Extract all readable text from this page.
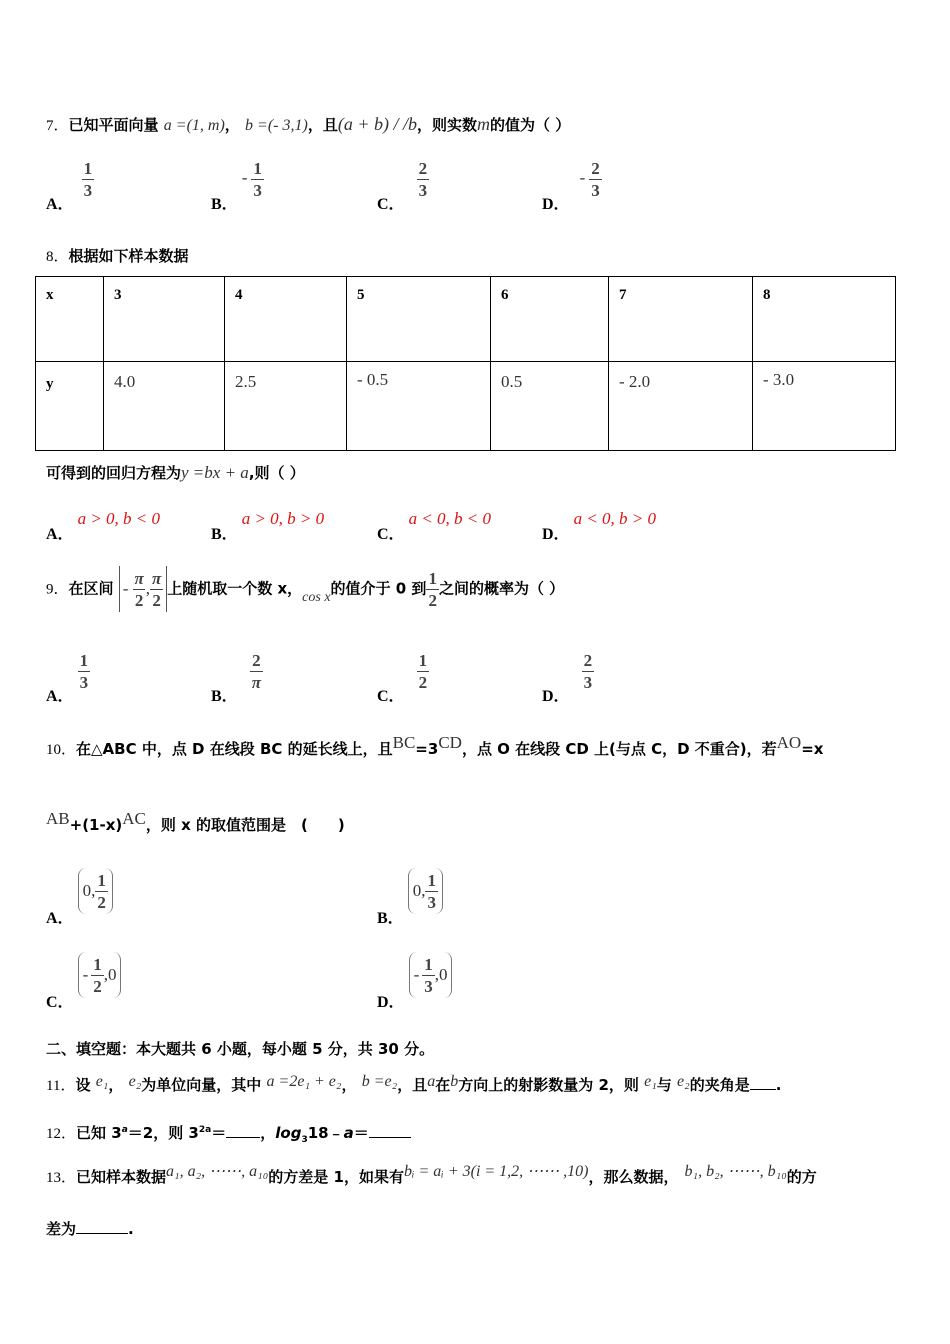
7．已知平面向量 a =(1, m)， b =(- 3,1)，且(a + b) / /b，则实数m的值为（ ）
A．
$\frac{1}{3}$
B． - $\frac{1}{3}$
C．
$\frac{2}{3}$
D． - $\frac{2}{3}$
8．根据如下样本数据
x	3	4	5	6	7	8
y	4.0	2.5	- 0.5	0.5	- 2.0	- 3.0
可得到的回归方程为y =bx + a,则（ ）
A． a > 0, b < 0
B． a > 0, b > 0
C． a < 0, b < 0
D． a < 0, b > 0
9．在区间 - $\frac{\pi}{2}$ , $\frac{\pi}{2}$ 上随机取一个数 x，cos x的值介于 0 到 $\frac{1}{2}$ 之间的概率为（ ）
A．
$\frac{1}{3}$
B．
$\frac{2}{\pi}$
C．
$\frac{1}{2}$
D．
$\frac{2}{3}$
10．在△ABC 中，点 D 在线段 BC 的延长线上，且BC=3CD，点 O 在线段 CD 上(与点 C，D 不重合)，若AO=x
AB+(1-x)AC，则 x 的取值范围是　(　　)
A．
0, $\frac{1}{2}$
B．
0, $\frac{1}{3}$
C．
- $\frac{1}{2} ,0$
D．
- $\frac{1}{3} ,0$
二、填空题：本大题共 6 小题，每小题 5 分，共 30 分。
11．设 e₁， e₂为单位向量，其中 a =2e₁ + e₂， b =e₂，且a在b方向上的射影数量为 2，则 e₁与 e₂的夹角是 .
12．已知 $3^a=2$，则 $3^{2a}=$ ，$\log_318﹣a=$
13．已知样本数据a₁, a₂, ⋯⋯, a₁₀的方差是 1，如果有bᵢ = aᵢ + 3(i = 1,2, ⋯⋯ ,10)，那么数据， b₁, b₂, ⋯⋯, b₁₀的方
差为	.
